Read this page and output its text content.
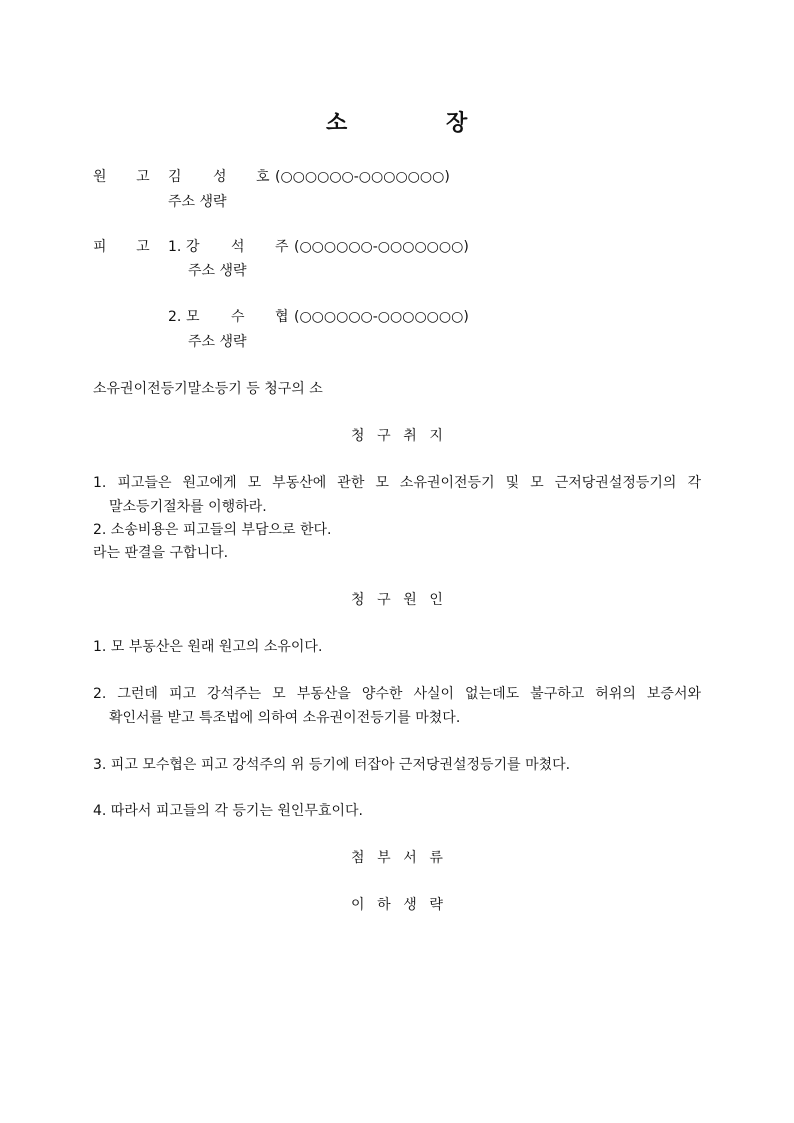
소	장
원 고 김 성 호 (○○○○○○-○○○○○○○)
주소 생략
피 고 1. 강 석 주 (○○○○○○-○○○○○○○)
주소 생략
2. 모 수 협 (○○○○○○-○○○○○○○)
주소 생략
소유권이전등기말소등기 등 청구의 소
청구취지
1. 피고들은 원고에게 모 부동산에 관한 모 소유권이전등기 및 모 근저당권설정등기의 각
말소등기절차를 이행하라.
2. 소송비용은 피고들의 부담으로 한다.
라는 판결을 구합니다.
청구원인
1. 모 부동산은 원래 원고의 소유이다.
2. 그런데 피고 강석주는 모 부동산을 양수한 사실이 없는데도 불구하고 허위의 보증서와
확인서를 받고 특조법에 의하여 소유권이전등기를 마쳤다.
3. 피고 모수협은 피고 강석주의 위 등기에 터잡아 근저당권설정등기를 마쳤다.
4. 따라서 피고들의 각 등기는 원인무효이다.
첨부서류
이하생략
